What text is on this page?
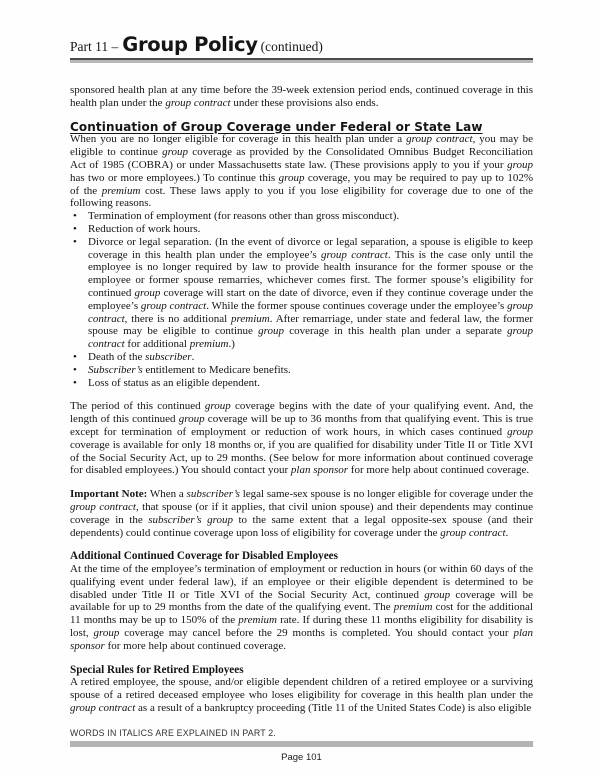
Part 11 – Group Policy (continued)

sponsored health plan at any time before the 39-week extension period ends, continued coverage in this health plan under the group contract under these provisions also ends.

Continuation of Group Coverage under Federal or State Law

When you are no longer eligible for coverage in this health plan under a group contract, you may be eligible to continue group coverage as provided by the Consolidated Omnibus Budget Reconciliation Act of 1985 (COBRA) or under Massachusetts state law. (These provisions apply to you if your group has two or more employees.) To continue this group coverage, you may be required to pay up to 102% of the premium cost. These laws apply to you if you lose eligibility for coverage due to one of the following reasons.

• Termination of employment (for reasons other than gross misconduct).
• Reduction of work hours.
• Divorce or legal separation. (In the event of divorce or legal separation, a spouse is eligible to keep coverage in this health plan under the employee’s group contract. This is the case only until the employee is no longer required by law to provide health insurance for the former spouse or the employee or former spouse remarries, whichever comes first. The former spouse’s eligibility for continued group coverage will start on the date of divorce, even if they continue coverage under the employee’s group contract. While the former spouse continues coverage under the employee’s group contract, there is no additional premium. After remarriage, under state and federal law, the former spouse may be eligible to continue group coverage in this health plan under a separate group contract for additional premium.)
• Death of the subscriber.
• Subscriber’s entitlement to Medicare benefits.
• Loss of status as an eligible dependent.

The period of this continued group coverage begins with the date of your qualifying event. And, the length of this continued group coverage will be up to 36 months from that qualifying event. This is true except for termination of employment or reduction of work hours, in which cases continued group coverage is available for only 18 months or, if you are qualified for disability under Title II or Title XVI of the Social Security Act, up to 29 months. (See below for more information about continued coverage for disabled employees.) You should contact your plan sponsor for more help about continued coverage.

Important Note: When a subscriber’s legal same-sex spouse is no longer eligible for coverage under the group contract, that spouse (or if it applies, that civil union spouse) and their dependents may continue coverage in the subscriber’s group to the same extent that a legal opposite-sex spouse (and their dependents) could continue coverage upon loss of eligibility for coverage under the group contract.

Additional Continued Coverage for Disabled Employees

At the time of the employee’s termination of employment or reduction in hours (or within 60 days of the qualifying event under federal law), if an employee or their eligible dependent is determined to be disabled under Title II or Title XVI of the Social Security Act, continued group coverage will be available for up to 29 months from the date of the qualifying event. The premium cost for the additional 11 months may be up to 150% of the premium rate. If during these 11 months eligibility for disability is lost, group coverage may cancel before the 29 months is completed. You should contact your plan sponsor for more help about continued coverage.

Special Rules for Retired Employees

A retired employee, the spouse, and/or eligible dependent children of a retired employee or a surviving spouse of a retired deceased employee who loses eligibility for coverage in this health plan under the group contract as a result of a bankruptcy proceeding (Title 11 of the United States Code) is also eligible

WORDS IN ITALICS ARE EXPLAINED IN PART 2.
Page 101
